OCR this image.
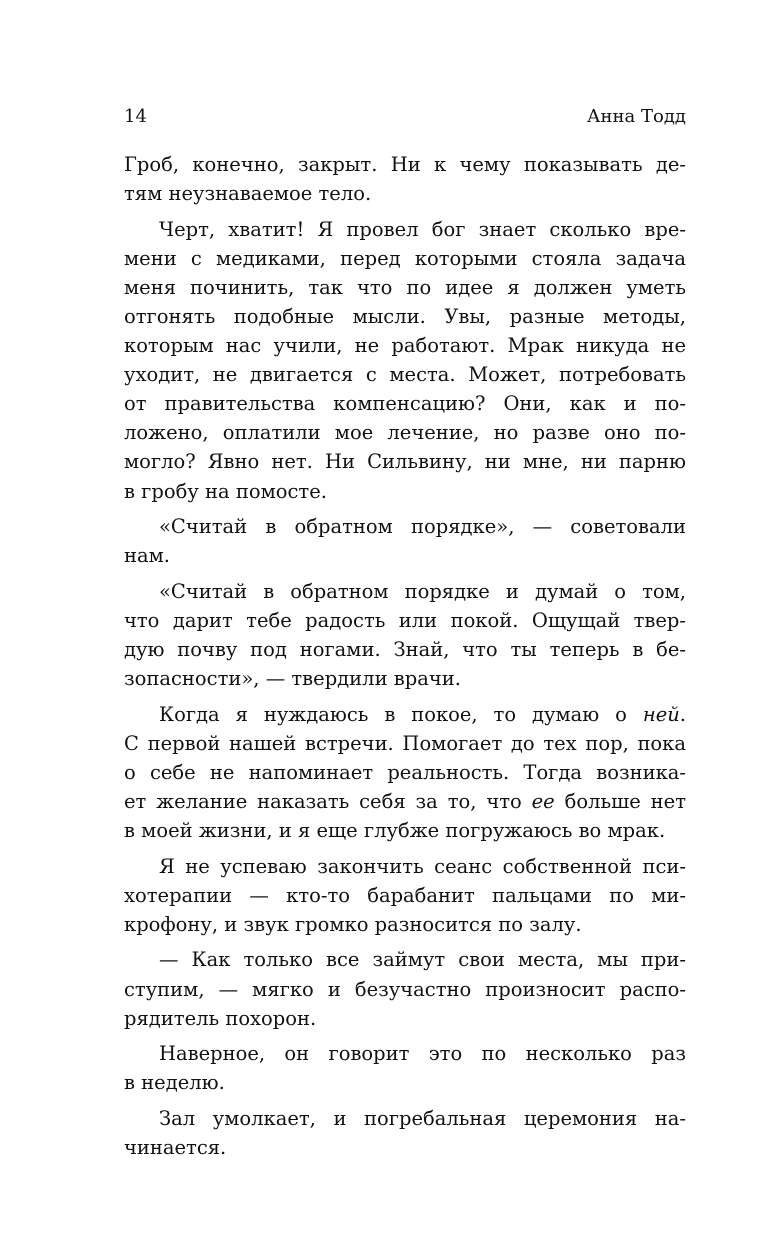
14	Анна Тодд
Гроб, конечно, закрыт. Ни к чему показывать де-
тям неузнаваемое тело.
Черт, хватит! Я провел бог знает сколько вре-
мени с медиками, перед которыми стояла задача
меня починить, так что по идее я должен уметь
отгонять подобные мысли. Увы, разные методы,
которым нас учили, не работают. Мрак никуда не
уходит, не двигается с места. Может, потребовать
от правительства компенсацию? Они, как и по-
ложено, оплатили мое лечение, но разве оно по-
могло? Явно нет. Ни Сильвину, ни мне, ни парню
в гробу на помосте.
«Считай в обратном порядке», — советовали
нам.
«Считай в обратном порядке и думай о том,
что дарит тебе радость или покой. Ощущай твер-
дую почву под ногами. Знай, что ты теперь в бе-
зопасности», — твердили врачи.
Когда я нуждаюсь в покое, то думаю о ней.
С первой нашей встречи. Помогает до тех пор, пока
о себе не напоминает реальность. Тогда возника-
ет желание наказать себя за то, что ее больше нет
в моей жизни, и я еще глубже погружаюсь во мрак.
Я не успеваю закончить сеанс собственной пси-
хотерапии — кто-то барабанит пальцами по ми-
крофону, и звук громко разносится по залу.
— Как только все займут свои места, мы при-
ступим, — мягко и безучастно произносит распо-
рядитель похорон.
Наверное, он говорит это по несколько раз
в неделю.
Зал умолкает, и погребальная церемония на-
чинается.
